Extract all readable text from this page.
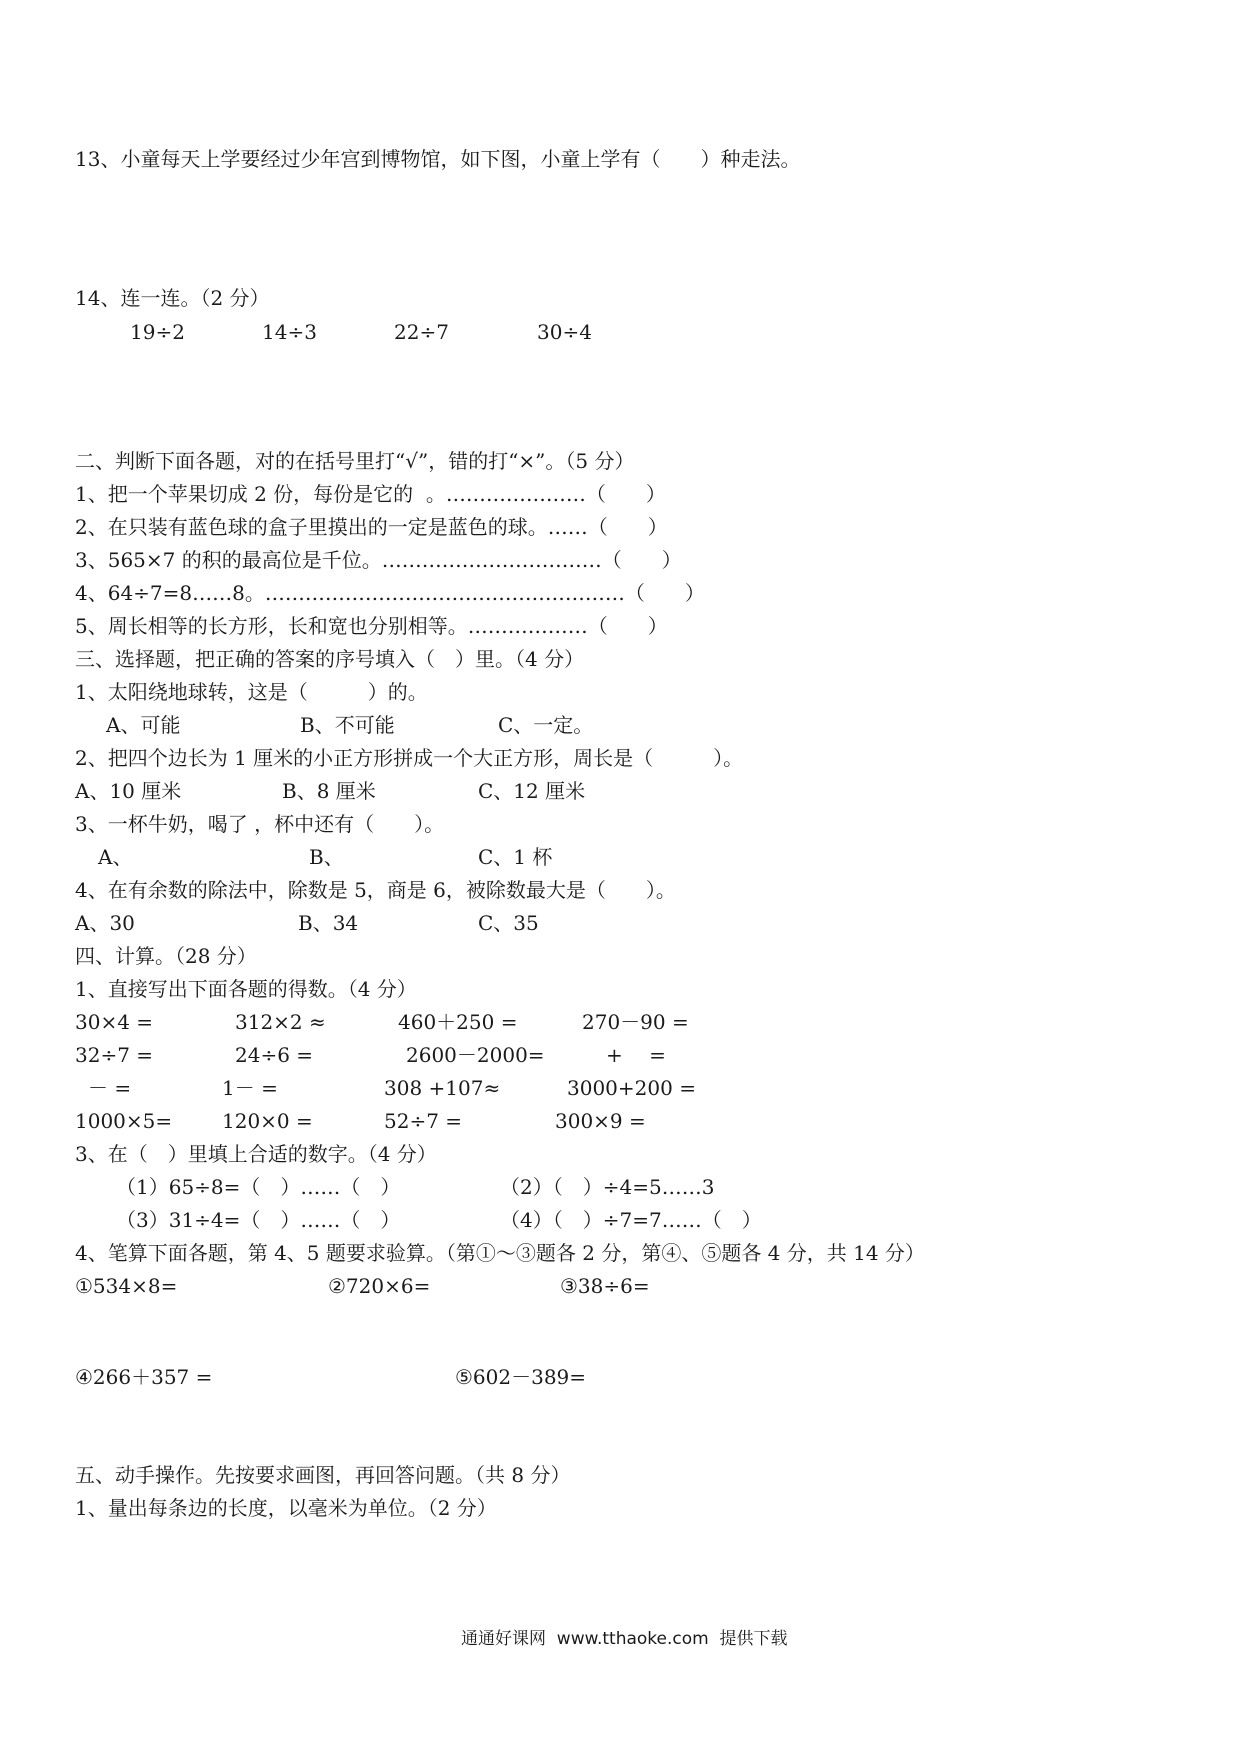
13、小童每天上学要经过少年宫到博物馆，如下图，小童上学有（　　）种走法。
14、连一连。（2 分）
19÷2	14÷3	22÷7	30÷4
二、判断下面各题，对的在括号里打“√”，错的打“×”。（5 分）
1、把一个苹果切成 2 份，每份是它的  。…………………（　　）
2、在只装有蓝色球的盒子里摸出的一定是蓝色的球。……（　　）
3、565×7 的积的最高位是千位。……………………………（　　）
4、64÷7=8……8。………………………………………………（　　）
5、周长相等的长方形，长和宽也分别相等。………………（　　）
三、选择题，把正确的答案的序号填入（　）里。（4 分）
1、太阳绕地球转，这是（　　　）的。
A、可能	B、不可能	C、一定。
2、把四个边长为 1 厘米的小正方形拼成一个大正方形，周长是（　　　）。
A、10 厘米	B、8 厘米	C、12 厘米
3、一杯牛奶，喝了 ，杯中还有（　　）。
A、	B、	C、1 杯
4、在有余数的除法中，除数是 5，商是 6，被除数最大是（　　）。
A、30	B、34	C、35
四、计算。（28 分）
1、直接写出下面各题的得数。（4 分）
30×4 =	312×2 ≈	460＋250 =	270－90 =
32÷7 =	24÷6 =	2600－2000=	+　 =
－ =	1－ =	308 +107≈	3000+200 =
1000×5= 120×0 =	52÷7 =	300×9 =
3、在（　）里填上合适的数字。（4 分）
（1）65÷8=（　）……（　）	（2）（　）÷4=5……3
（3）31÷4=（　）……（　）	（4）（　）÷7=7……（　）
4、笔算下面各题，第 4、5 题要求验算。（第①～③题各 2 分，第④、⑤题各 4 分，共 14 分）
①534×8=	②720×6=	③38÷6=
④266＋357 =	⑤602－389=
五、动手操作。先按要求画图，再回答问题。（共 8 分）
1、量出每条边的长度，以毫米为单位。（2 分）
通通好课网  www.tthaoke.com  提供下载
